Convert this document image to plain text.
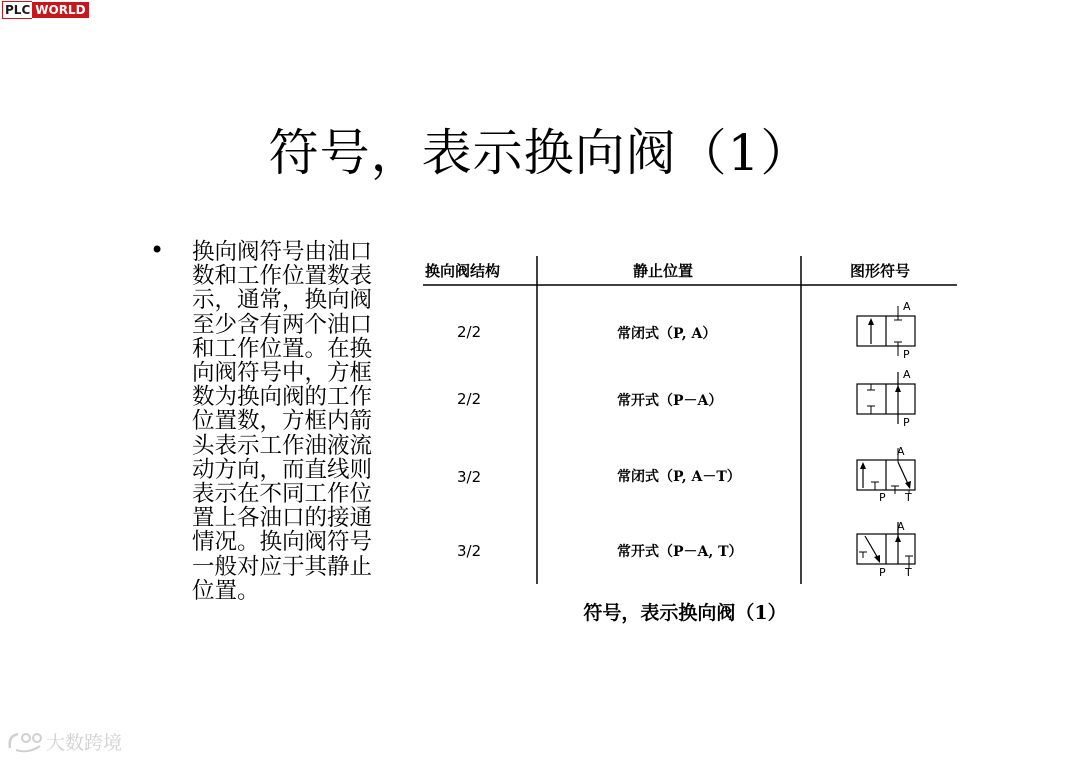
PLC WORLD
符号，表示换向阀（1）
• 换向阀符号由油口数和工作位置数表示，通常，换向阀至少含有两个油口和工作位置。在换向阀符号中，方框数为换向阀的工作位置数，方框内箭头表示工作油液流动方向，而直线则表示在不同工作位置上各油口的接通情况。换向阀符号一般对应于其静止位置。
换向阀结构	静止位置	图形符号
2/2	常闭式（P, A）
2/2	常开式（P－A）
3/2	常闭式（P, A－T）
3/2	常开式（P－A, T）
A
P
A
P
A
P T
A
P T
符号，表示换向阀（1）
大数跨境
